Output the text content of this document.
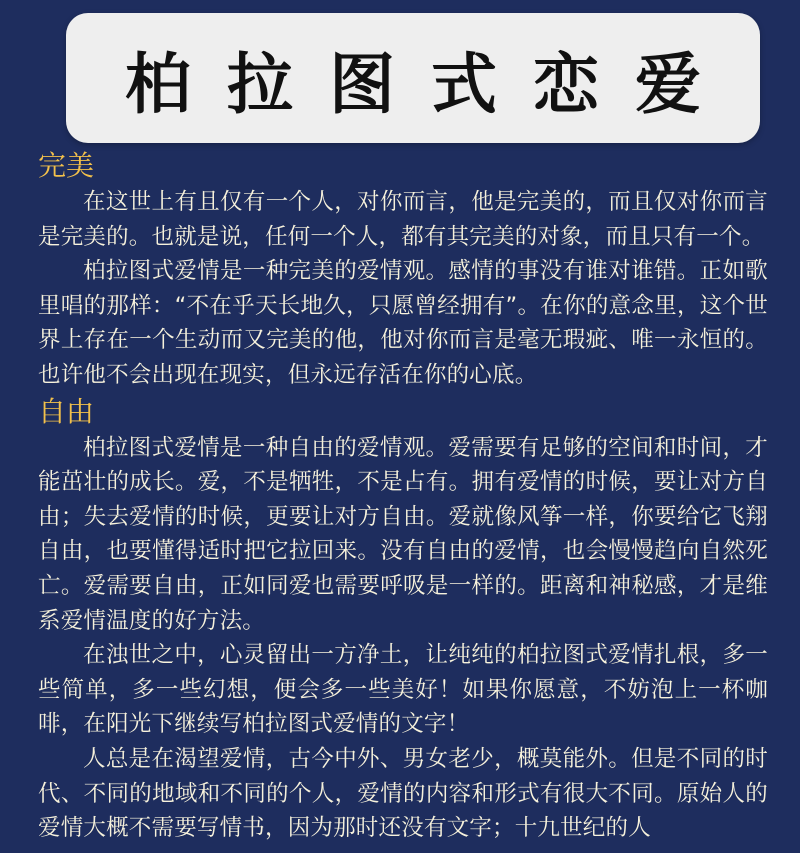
柏拉图式恋爱
完美

在这世上有且仅有一个人，对你而言，他是完美的，而且仅对你而言是完美的。也就是说，任何一个人，都有其完美的对象，而且只有一个。

柏拉图式爱情是一种完美的爱情观。感情的事没有谁对谁错。正如歌里唱的那样：“不在乎天长地久，只愿曾经拥有”。在你的意念里，这个世界上存在一个生动而又完美的他，他对你而言是毫无瑕疵、唯一永恒的。也许他不会出现在现实，但永远存活在你的心底。

自由

柏拉图式爱情是一种自由的爱情观。爱需要有足够的空间和时间，才能茁壮的成长。爱，不是牺牲，不是占有。拥有爱情的时候，要让对方自由；失去爱情的时候，更要让对方自由。爱就像风筝一样，你要给它飞翔自由，也要懂得适时把它拉回来。没有自由的爱情，也会慢慢趋向自然死亡。爱需要自由，正如同爱也需要呼吸是一样的。距离和神秘感，才是维系爱情温度的好方法。

在浊世之中，心灵留出一方净土，让纯纯的柏拉图式爱情扎根，多一些简单，多一些幻想，便会多一些美好！如果你愿意，不妨泡上一杯咖啡，在阳光下继续写柏拉图式爱情的文字！

人总是在渴望爱情，古今中外、男女老少，概莫能外。但是不同的时代、不同的地域和不同的个人，爱情的内容和形式有很大不同。原始人的爱情大概不需要写情书，因为那时还没有文字；十九世纪的人
